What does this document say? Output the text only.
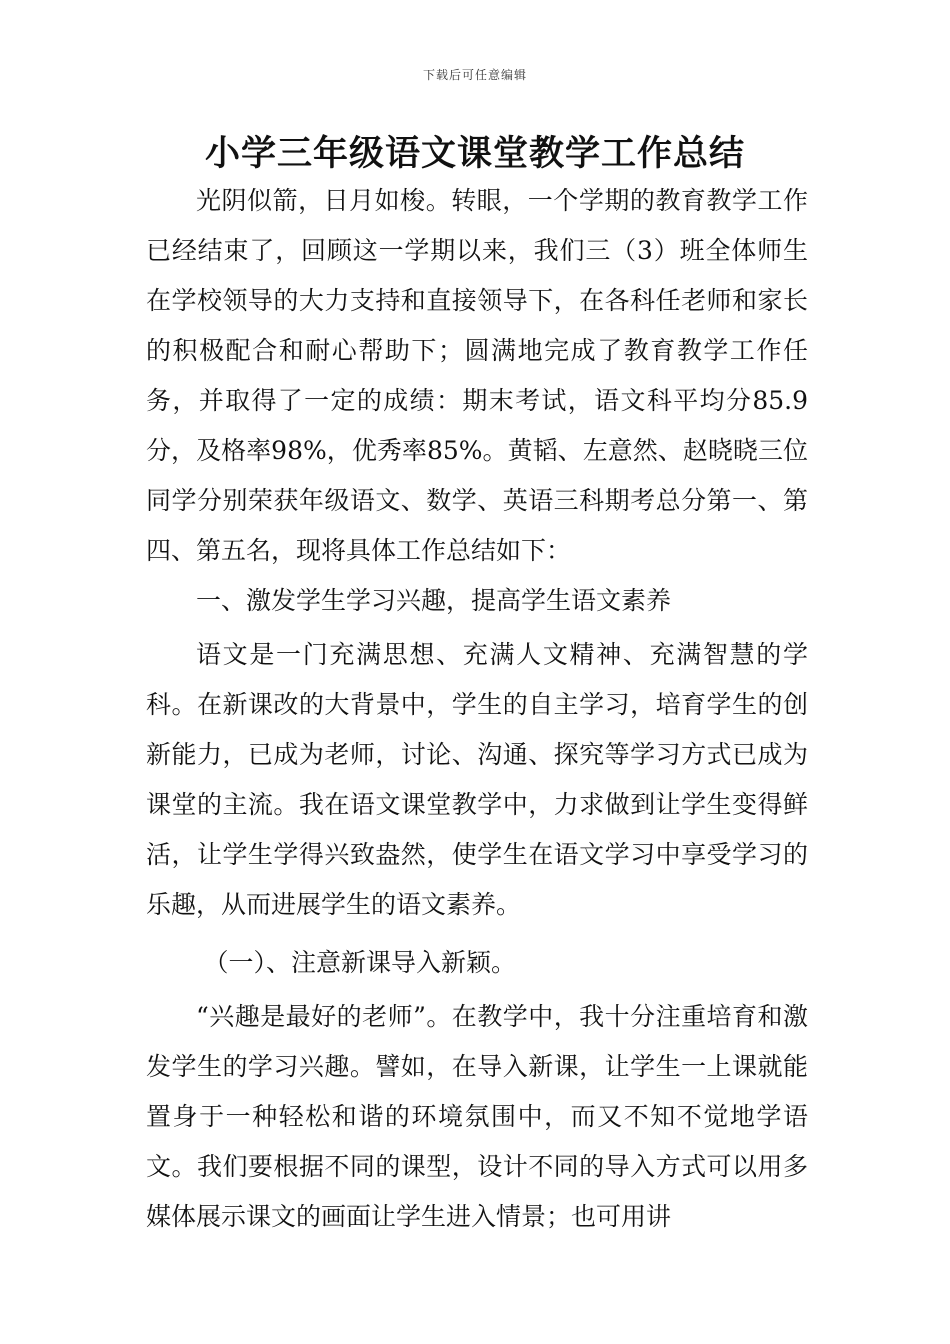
下载后可任意编辑
小学三年级语文课堂教学工作总结

光阴似箭，日月如梭。转眼，一个学期的教育教学工作已经结束了，回顾这一学期以来，我们三（3）班全体师生在学校领导的大力支持和直接领导下，在各科任老师和家长的积极配合和耐心帮助下；圆满地完成了教育教学工作任务，并取得了一定的成绩：期末考试，语文科平均分85.9分，及格率98%，优秀率85%。黄韬、左意然、赵晓晓三位同学分别荣获年级语文、数学、英语三科期考总分第一、第四、第五名，现将具体工作总结如下：

一、激发学生学习兴趣，提高学生语文素养

语文是一门充满思想、充满人文精神、充满智慧的学科。在新课改的大背景中，学生的自主学习，培育学生的创新能力，已成为老师，讨论、沟通、探究等学习方式已成为课堂的主流。我在语文课堂教学中，力求做到让学生变得鲜活，让学生学得兴致盎然，使学生在语文学习中享受学习的乐趣，从而进展学生的语文素养。

（一）、注意新课导入新颖。

“兴趣是最好的老师”。在教学中，我十分注重培育和激发学生的学习兴趣。譬如，在导入新课，让学生一上课就能置身于一种轻松和谐的环境氛围中，而又不知不觉地学语文。我们要根据不同的课型，设计不同的导入方式可以用多媒体展示课文的画面让学生进入情景；也可用讲
